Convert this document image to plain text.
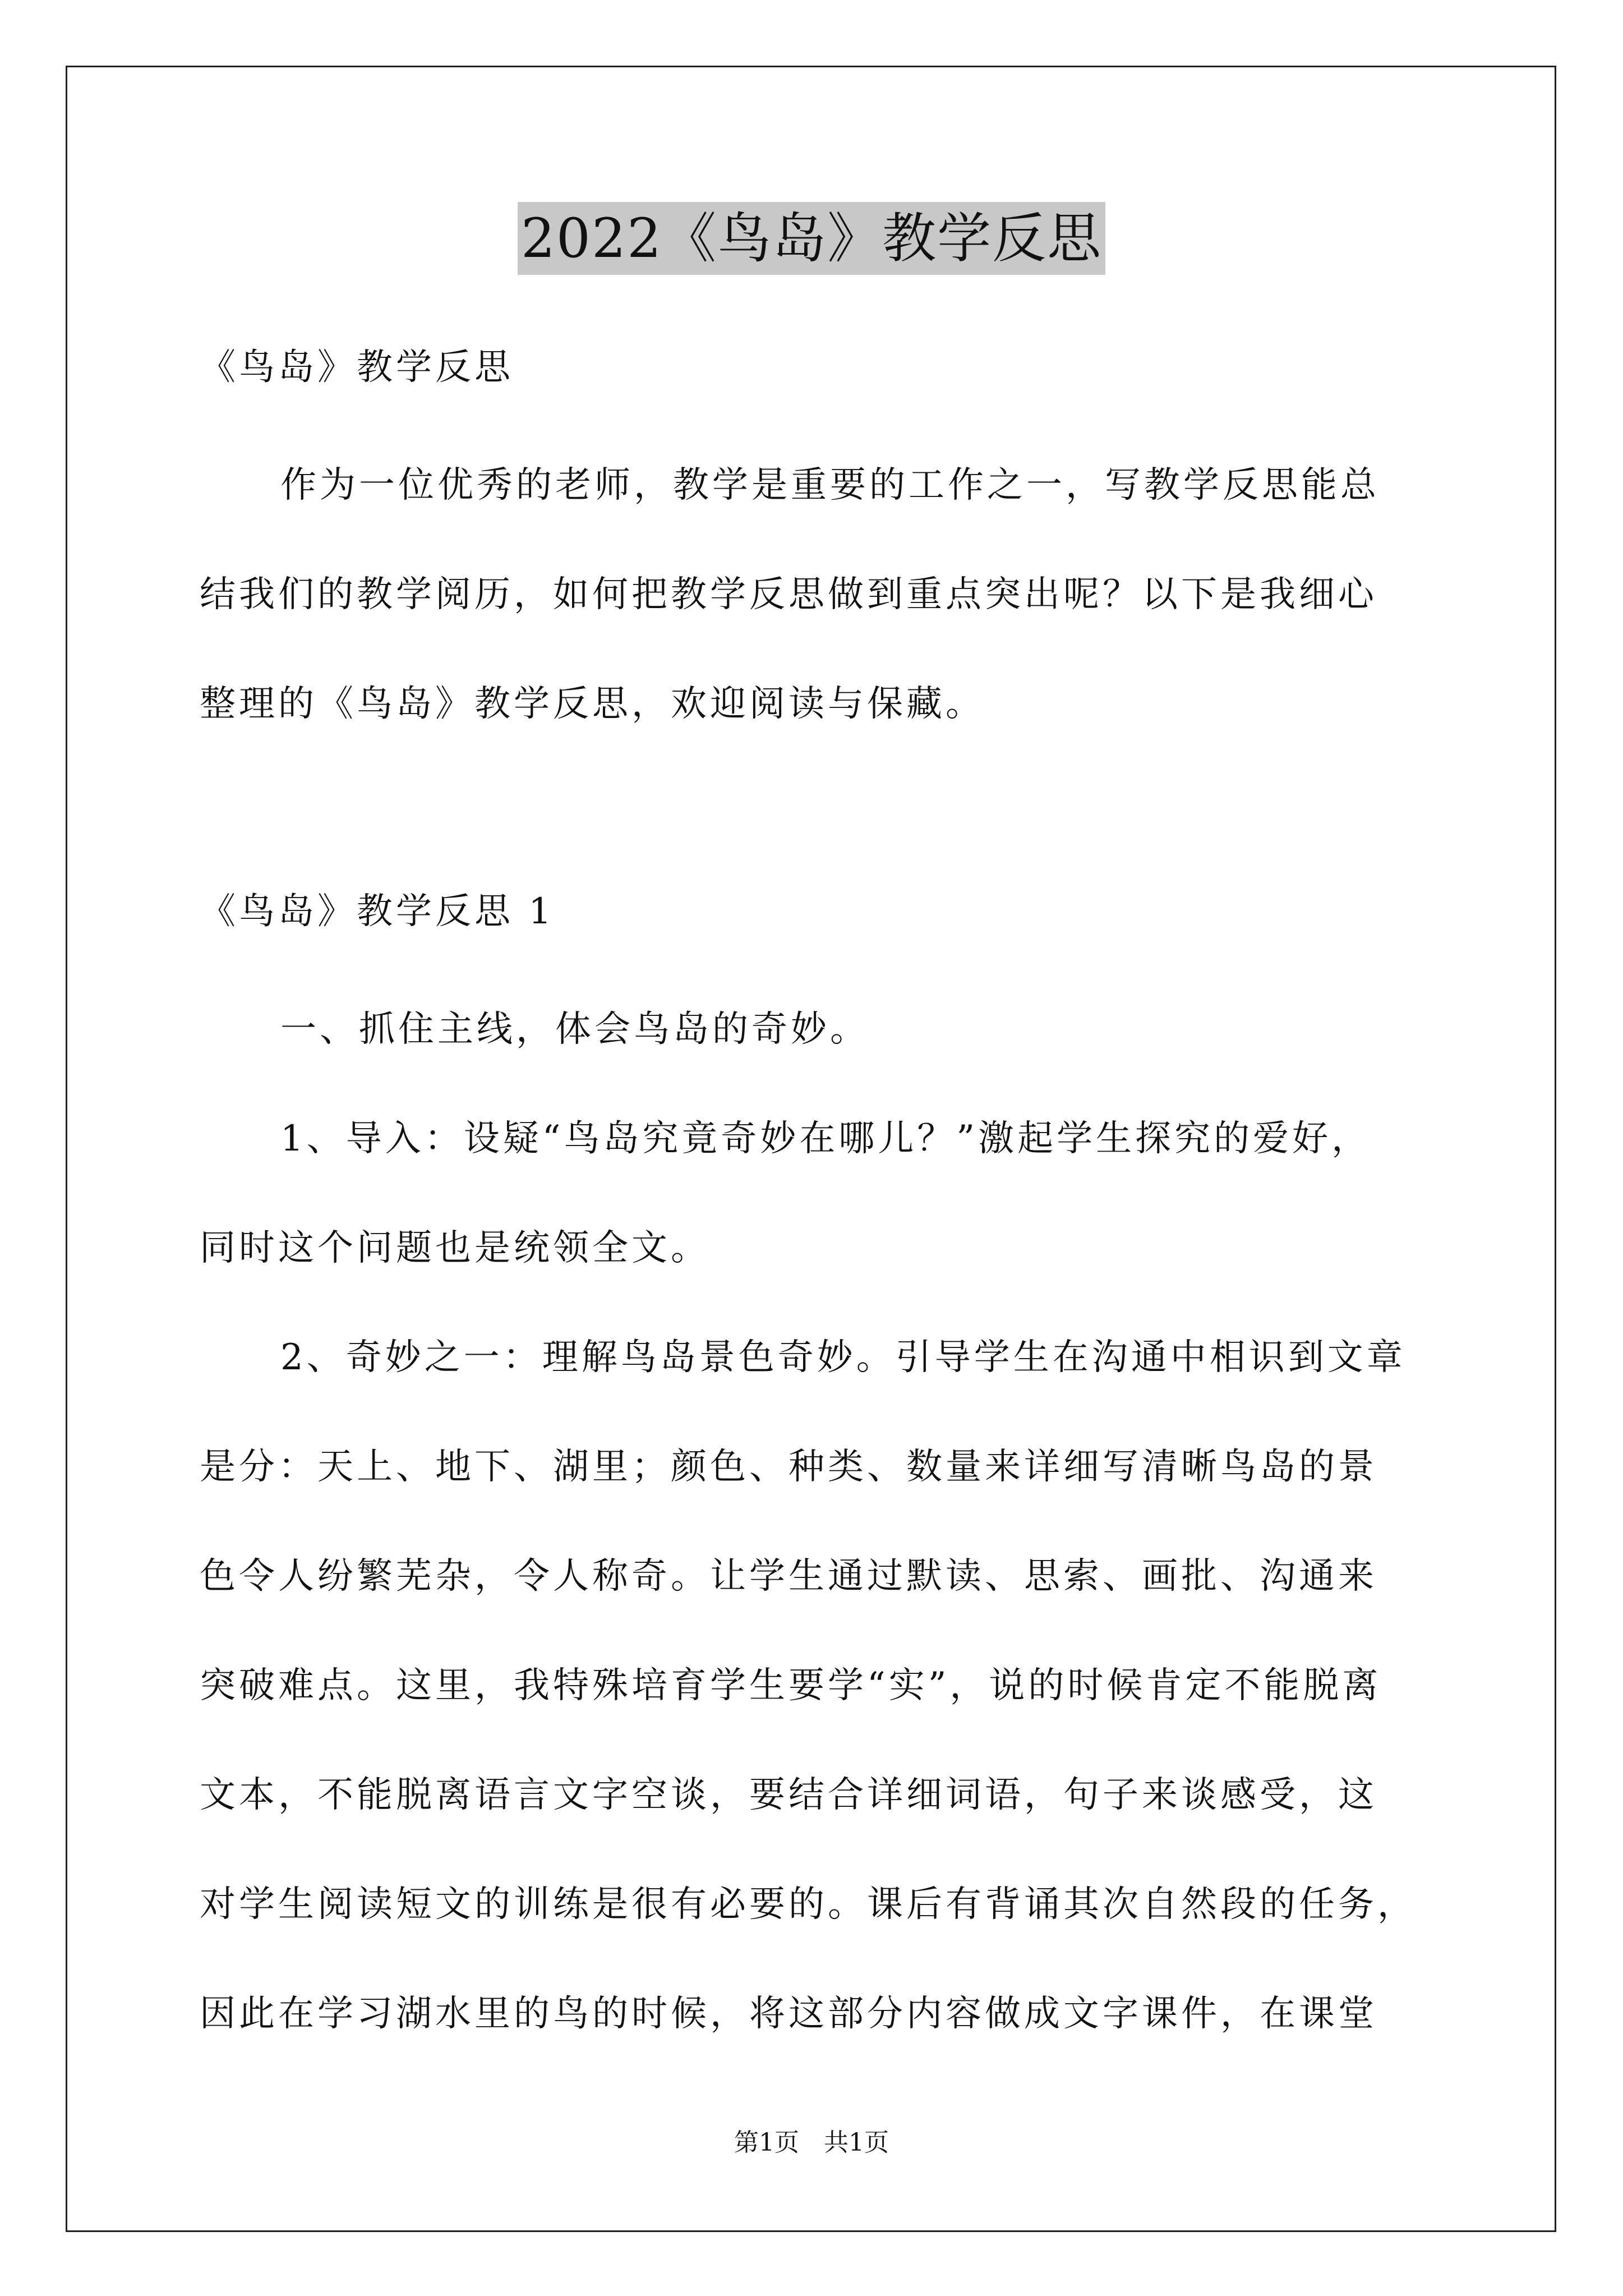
2022《鸟岛》教学反思
《鸟岛》教学反思
作为一位优秀的老师，教学是重要的工作之一，写教学反思能总
结我们的教学阅历，如何把教学反思做到重点突出呢？以下是我细心
整理的《鸟岛》教学反思，欢迎阅读与保藏。
《鸟岛》教学反思 1
一、抓住主线，体会鸟岛的奇妙。
1、导入：设疑“鸟岛究竟奇妙在哪儿？”激起学生探究的爱好，
同时这个问题也是统领全文。
2、奇妙之一：理解鸟岛景色奇妙。引导学生在沟通中相识到文章
是分：天上、地下、湖里；颜色、种类、数量来详细写清晰鸟岛的景
色令人纷繁芜杂，令人称奇。让学生通过默读、思索、画批、沟通来
突破难点。这里，我特殊培育学生要学“实”，说的时候肯定不能脱离
文本，不能脱离语言文字空谈，要结合详细词语，句子来谈感受，这
对学生阅读短文的训练是很有必要的。课后有背诵其次自然段的任务，
因此在学习湖水里的鸟的时候，将这部分内容做成文字课件，在课堂
第1页　共1页
